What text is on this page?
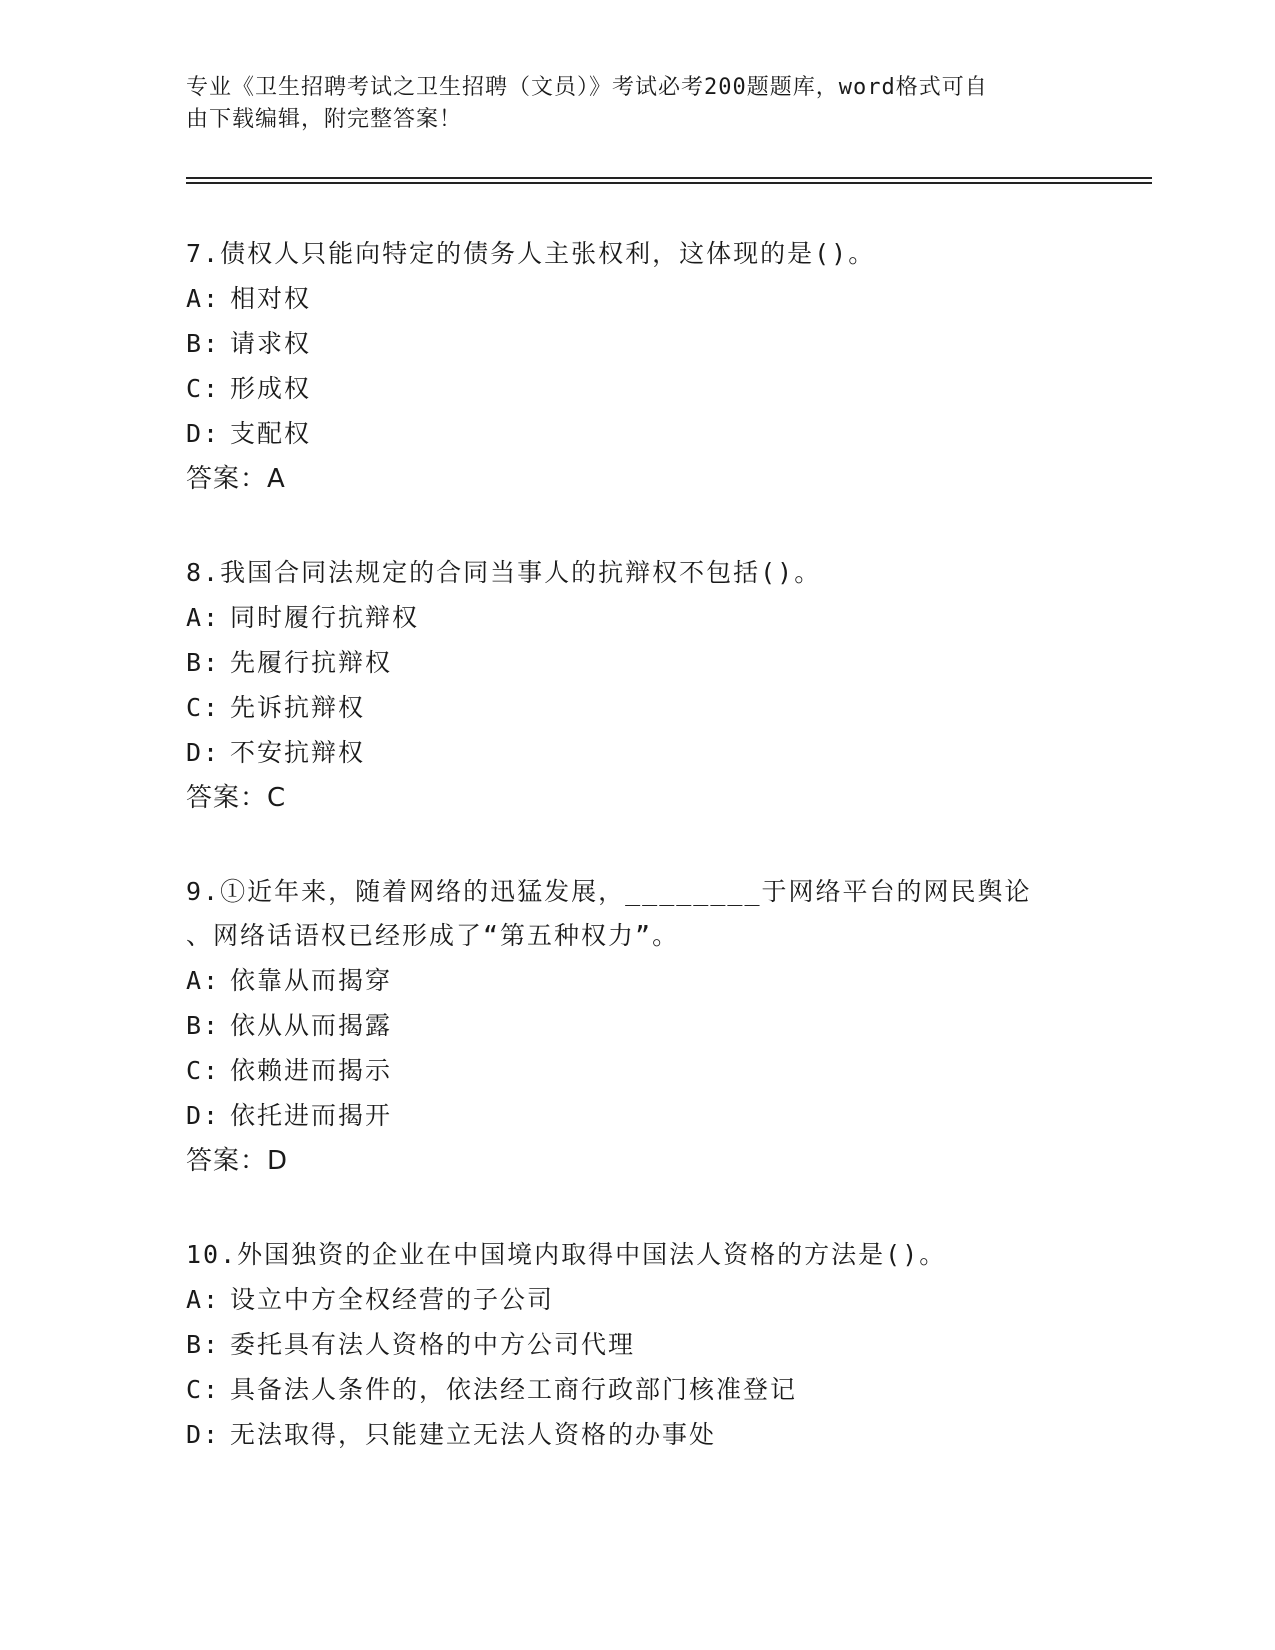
专业《卫生招聘考试之卫生招聘（文员）》考试必考200题题库，word格式可自
由下载编辑，附完整答案！

7.债权人只能向特定的债务人主张权利，这体现的是()。

A: 相对权

B: 请求权

C: 形成权

D: 支配权

答案：A

8.我国合同法规定的合同当事人的抗辩权不包括()。

A: 同时履行抗辩权

B: 先履行抗辩权

C: 先诉抗辩权

D: 不安抗辩权

答案：C

9.①近年来，随着网络的迅猛发展，________于网络平台的网民舆论

、网络话语权已经形成了“第五种权力”。

A: 依靠从而揭穿

B: 依从从而揭露

C: 依赖进而揭示

D: 依托进而揭开

答案：D

10.外国独资的企业在中国境内取得中国法人资格的方法是()。

A: 设立中方全权经营的子公司

B: 委托具有法人资格的中方公司代理

C: 具备法人条件的，依法经工商行政部门核准登记

D: 无法取得，只能建立无法人资格的办事处
